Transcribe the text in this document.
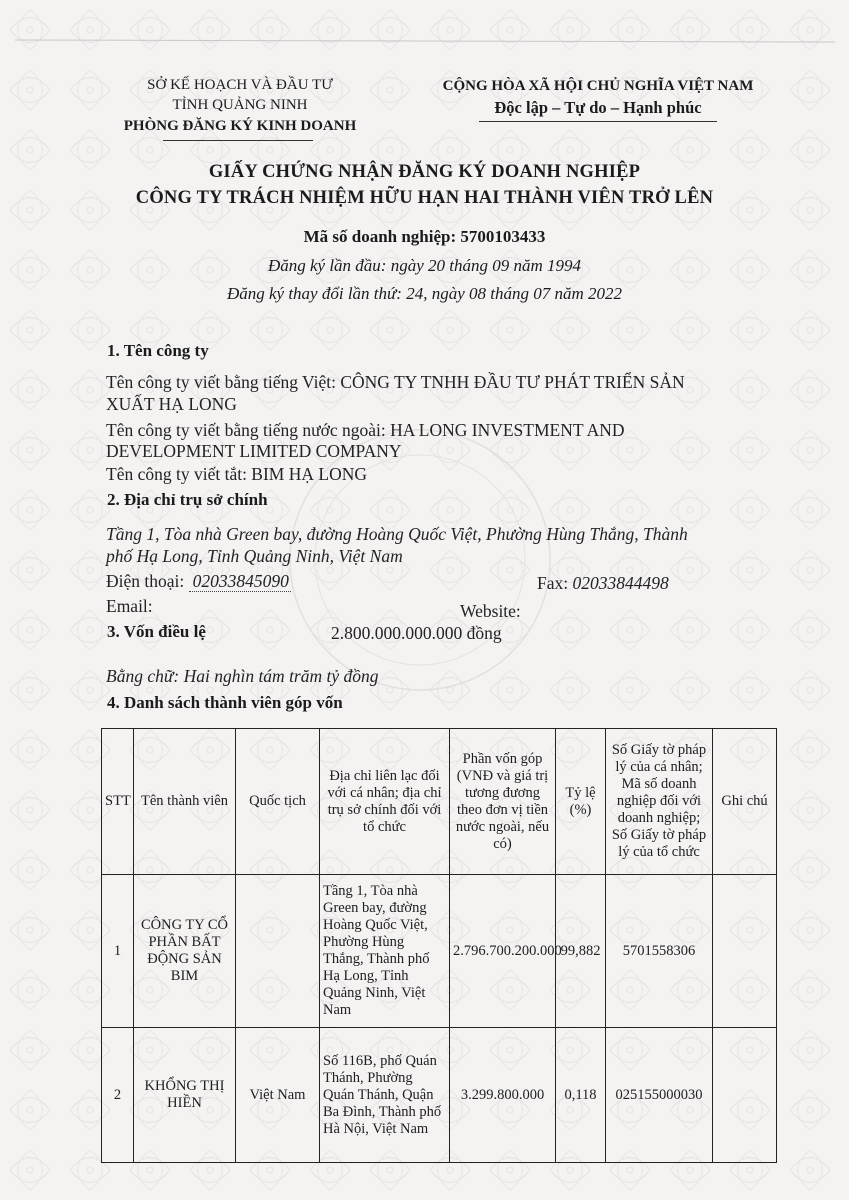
SỞ KẾ HOẠCH VÀ ĐẦU TƯ
TỈNH QUẢNG NINH
PHÒNG ĐĂNG KÝ KINH DOANH
CỘNG HÒA XÃ HỘI CHỦ NGHĨA VIỆT NAM
Độc lập – Tự do – Hạnh phúc
GIẤY CHỨNG NHẬN ĐĂNG KÝ DOANH NGHIỆP
CÔNG TY TRÁCH NHIỆM HỮU HẠN HAI THÀNH VIÊN TRỞ LÊN
Mã số doanh nghiệp: 5700103433
Đăng ký lần đầu: ngày 20 tháng 09 năm 1994
Đăng ký thay đổi lần thứ: 24, ngày 08 tháng 07 năm 2022
1. Tên công ty
Tên công ty viết bằng tiếng Việt: CÔNG TY TNHH ĐẦU TƯ PHÁT TRIỂN SẢN
XUẤT HẠ LONG
Tên công ty viết bằng tiếng nước ngoài: HA LONG INVESTMENT AND
DEVELOPMENT LIMITED COMPANY
Tên công ty viết tắt: BIM HẠ LONG
2. Địa chỉ trụ sở chính
Tầng 1, Tòa nhà Green bay, đường Hoàng Quốc Việt, Phường Hùng Thắng, Thành
phố Hạ Long, Tỉnh Quảng Ninh, Việt Nam
Điện thoại: 02033845090	Fax: 02033844498
Email:	Website:
3. Vốn điều lệ	2.800.000.000.000 đồng
Bằng chữ: Hai nghìn tám trăm tỷ đồng
4. Danh sách thành viên góp vốn
STT	Tên thành viên	Quốc tịch	Địa chỉ liên lạc đối với cá nhân; địa chỉ trụ sở chính đối với tổ chức	Phần vốn góp (VNĐ và giá trị tương đương theo đơn vị tiền nước ngoài, nếu có)	Tỷ lệ (%)	Số Giấy tờ pháp lý của cá nhân; Mã số doanh nghiệp đối với doanh nghiệp; Số Giấy tờ pháp lý của tổ chức	Ghi chú
1	CÔNG TY CỔ PHẦN BẤT ĐỘNG SẢN BIM		Tầng 1, Tòa nhà Green bay, đường Hoàng Quốc Việt, Phường Hùng Thắng, Thành phố Hạ Long, Tỉnh Quảng Ninh, Việt Nam	2.796.700.200.000	99,882	5701558306	
2	KHỔNG THỊ HIỀN	Việt Nam	Số 116B, phố Quán Thánh, Phường Quán Thánh, Quận Ba Đình, Thành phố Hà Nội, Việt Nam	3.299.800.000	0,118	025155000030	
